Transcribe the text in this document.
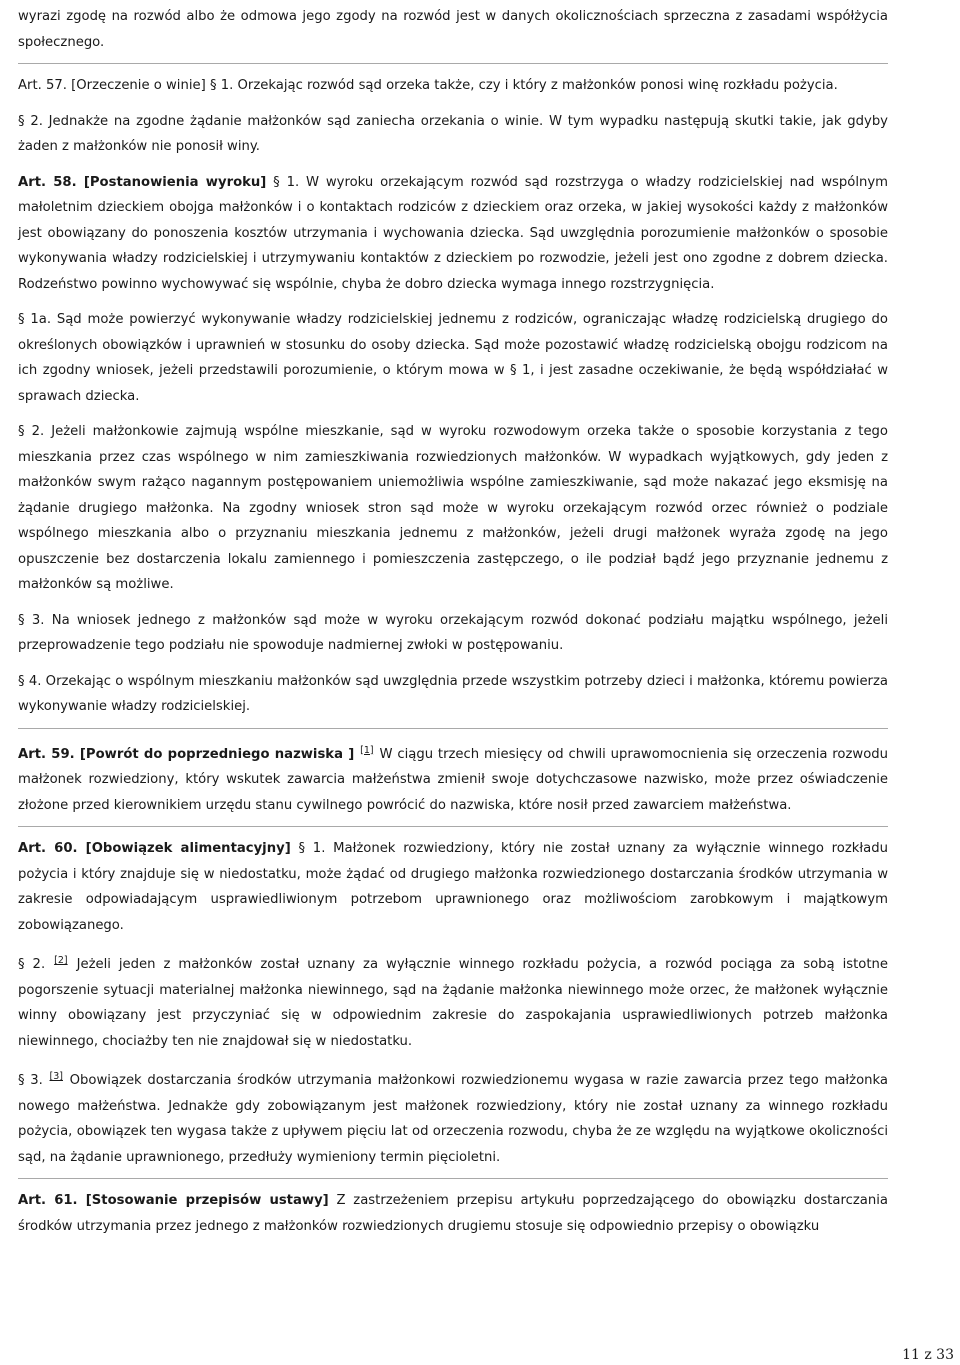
wyrazi zgodę na rozwód albo że odmowa jego zgody na rozwód jest w danych okolicznościach sprzeczna z zasadami współżycia społecznego.

Art. 57. [Orzeczenie o winie] § 1. Orzekając rozwód sąd orzeka także, czy i który z małżonków ponosi winę rozkładu pożycia.

§ 2. Jednakże na zgodne żądanie małżonków sąd zaniecha orzekania o winie. W tym wypadku następują skutki takie, jak gdyby żaden z małżonków nie ponosił winy.

Art. 58. [Postanowienia wyroku] § 1. W wyroku orzekającym rozwód sąd rozstrzyga o władzy rodzicielskiej nad wspólnym małoletnim dzieckiem obojga małżonków i o kontaktach rodziców z dzieckiem oraz orzeka, w jakiej wysokości każdy z małżonków jest obowiązany do ponoszenia kosztów utrzymania i wychowania dziecka. Sąd uwzględnia porozumienie małżonków o sposobie wykonywania władzy rodzicielskiej i utrzymywaniu kontaktów z dzieckiem po rozwodzie, jeżeli jest ono zgodne z dobrem dziecka. Rodzeństwo powinno wychowywać się wspólnie, chyba że dobro dziecka wymaga innego rozstrzygnięcia.

§ 1a. Sąd może powierzyć wykonywanie władzy rodzicielskiej jednemu z rodziców, ograniczając władzę rodzicielską drugiego do określonych obowiązków i uprawnień w stosunku do osoby dziecka. Sąd może pozostawić władzę rodzicielską obojgu rodzicom na ich zgodny wniosek, jeżeli przedstawili porozumienie, o którym mowa w § 1, i jest zasadne oczekiwanie, że będą współdziałać w sprawach dziecka.

§ 2. Jeżeli małżonkowie zajmują wspólne mieszkanie, sąd w wyroku rozwodowym orzeka także o sposobie korzystania z tego mieszkania przez czas wspólnego w nim zamieszkiwania rozwiedzionych małżonków. W wypadkach wyjątkowych, gdy jeden z małżonków swym rażąco nagannym postępowaniem uniemożliwia wspólne zamieszkiwanie, sąd może nakazać jego eksmisję na żądanie drugiego małżonka. Na zgodny wniosek stron sąd może w wyroku orzekającym rozwód orzec również o podziale wspólnego mieszkania albo o przyznaniu mieszkania jednemu z małżonków, jeżeli drugi małżonek wyraża zgodę na jego opuszczenie bez dostarczenia lokalu zamiennego i pomieszczenia zastępczego, o ile podział bądź jego przyznanie jednemu z małżonków są możliwe.

§ 3. Na wniosek jednego z małżonków sąd może w wyroku orzekającym rozwód dokonać podziału majątku wspólnego, jeżeli przeprowadzenie tego podziału nie spowoduje nadmiernej zwłoki w postępowaniu.

§ 4. Orzekając o wspólnym mieszkaniu małżonków sąd uwzględnia przede wszystkim potrzeby dzieci i małżonka, któremu powierza wykonywanie władzy rodzicielskiej.

Art. 59. [Powrót do poprzedniego nazwiska ] [1] W ciągu trzech miesięcy od chwili uprawomocnienia się orzeczenia rozwodu małżonek rozwiedziony, który wskutek zawarcia małżeństwa zmienił swoje dotychczasowe nazwisko, może przez oświadczenie złożone przed kierownikiem urzędu stanu cywilnego powrócić do nazwiska, które nosił przed zawarciem małżeństwa.

Art. 60. [Obowiązek alimentacyjny] § 1. Małżonek rozwiedziony, który nie został uznany za wyłącznie winnego rozkładu pożycia i który znajduje się w niedostatku, może żądać od drugiego małżonka rozwiedzionego dostarczania środków utrzymania w zakresie odpowiadającym usprawiedliwionym potrzebom uprawnionego oraz możliwościom zarobkowym i majątkowym zobowiązanego.

§ 2. [2] Jeżeli jeden z małżonków został uznany za wyłącznie winnego rozkładu pożycia, a rozwód pociąga za sobą istotne pogorszenie sytuacji materialnej małżonka niewinnego, sąd na żądanie małżonka niewinnego może orzec, że małżonek wyłącznie winny obowiązany jest przyczyniać się w odpowiednim zakresie do zaspokajania usprawiedliwionych potrzeb małżonka niewinnego, chociażby ten nie znajdował się w niedostatku.

§ 3. [3] Obowiązek dostarczania środków utrzymania małżonkowi rozwiedzionemu wygasa w razie zawarcia przez tego małżonka nowego małżeństwa. Jednakże gdy zobowiązanym jest małżonek rozwiedziony, który nie został uznany za winnego rozkładu pożycia, obowiązek ten wygasa także z upływem pięciu lat od orzeczenia rozwodu, chyba że ze względu na wyjątkowe okoliczności sąd, na żądanie uprawnionego, przedłuży wymieniony termin pięcioletni.

Art. 61. [Stosowanie przepisów ustawy] Z zastrzeżeniem przepisu artykułu poprzedzającego do obowiązku dostarczania środków utrzymania przez jednego z małżonków rozwiedzionych drugiemu stosuje się odpowiednio przepisy o obowiązku

11 z 33
